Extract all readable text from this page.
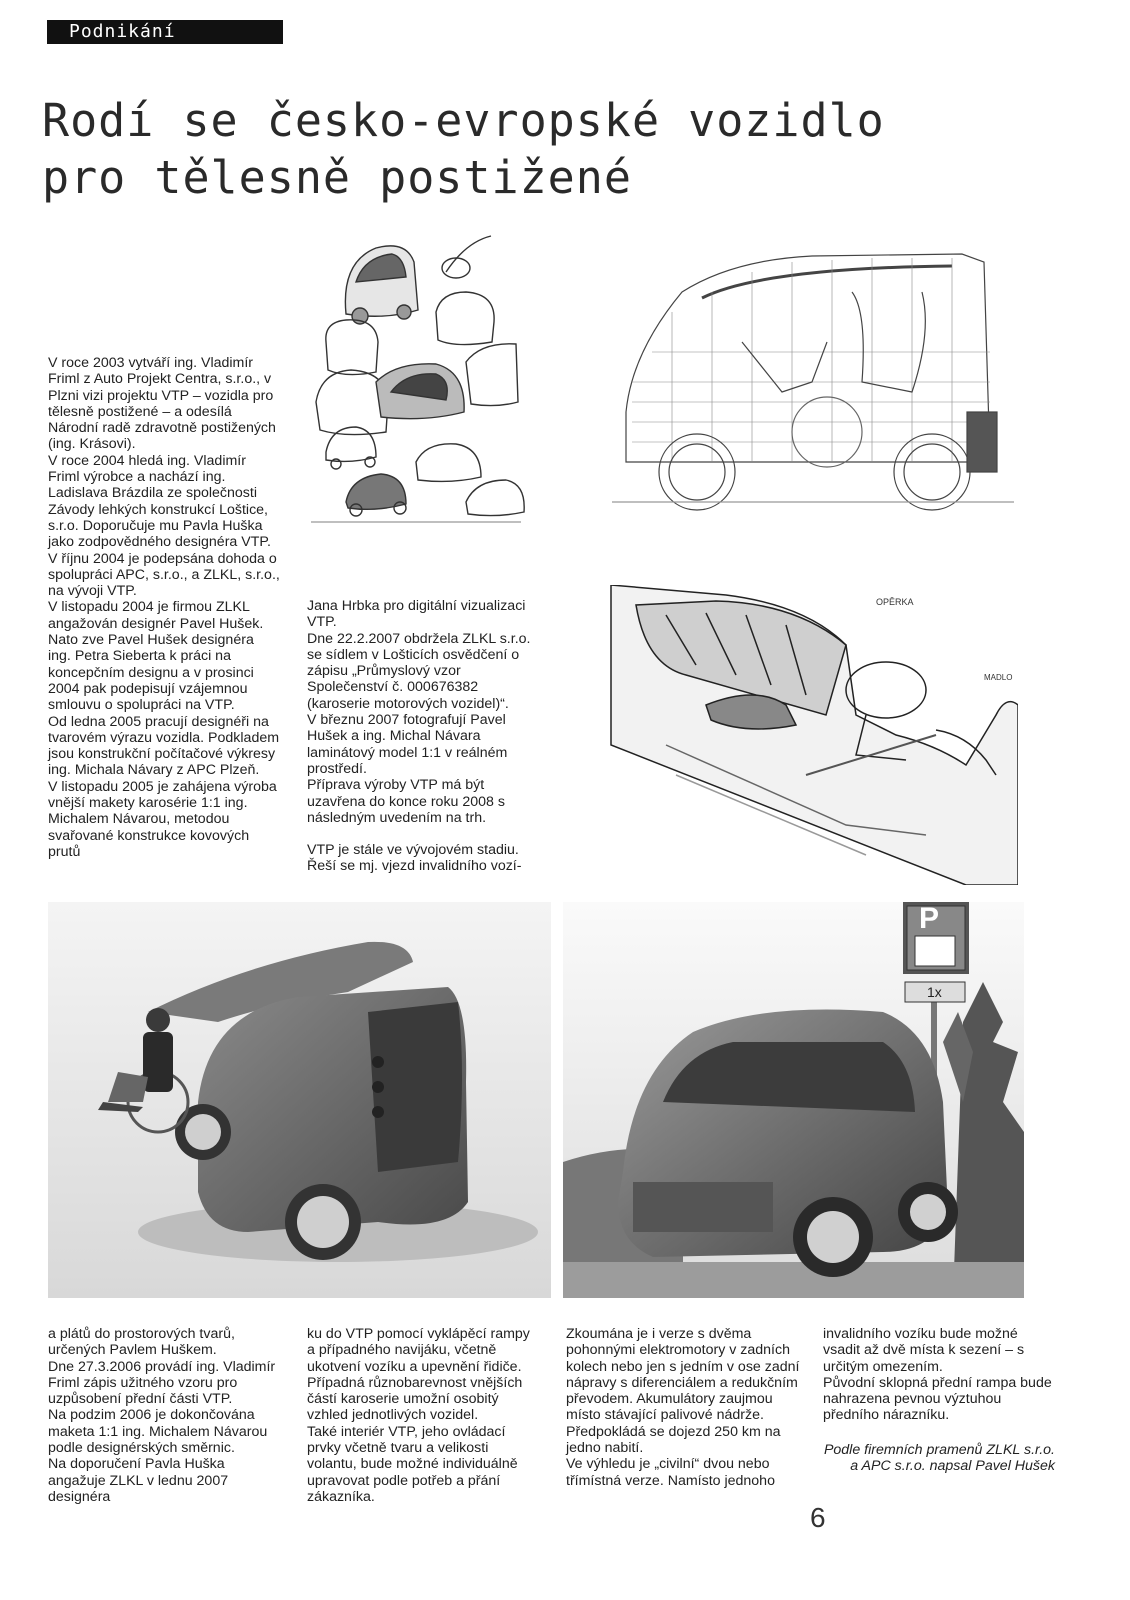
Podnikání
Rodí se česko-evropské vozidlo
pro tělesně postižené
OPĚRKA
MADLO

V roce 2003 vytváří ing. Vladimír Friml z Auto Projekt Centra, s.r.o., v Plzni vizi projektu VTP – vozidla pro tělesně postižené – a odesílá Národní radě zdravotně postižených (ing. Krásovi).

V roce 2004 hledá ing. Vladimír Friml výrobce a nachází ing. Ladislava Brázdila ze společnosti Závody lehkých konstrukcí Loštice, s.r.o. Doporučuje mu Pavla Huška jako zodpovědného designéra VTP.

V říjnu 2004 je podepsána dohoda o spolupráci APC, s.r.o., a ZLKL, s.r.o., na vývoji VTP.

V listopadu 2004 je firmou ZLKL angažován designér Pavel Hušek. Nato zve Pavel Hušek designéra ing. Petra Sieberta k práci na koncepčním designu a v prosinci 2004 pak podepisují vzájemnou smlouvu o spolupráci na VTP.

Od ledna 2005 pracují designéři na tvarovém výrazu vozidla. Podkladem jsou konstrukční počítačové výkresy ing. Michala Návary z APC Plzeň.

V listopadu 2005 je zahájena výroba vnější makety karosérie 1:1 ing. Michalem Návarou, metodou svařované konstrukce kovových prutů

Jana Hrbka pro digitální vizualizaci VTP.

Dne 22.2.2007 obdržela ZLKL s.r.o. se sídlem v Lošticích osvědčení o zápisu „Průmyslový vzor Společenství č. 000676382 (karoserie motorových vozidel)“.

V březnu 2007 fotografují Pavel Hušek a ing. Michal Návara laminátový model 1:1 v reálném prostředí.

Příprava výroby VTP má být uzavřena do konce roku 2008 s následným uvedením na trh.

VTP je stále ve vývojovém stadiu. Řeší se mj. vjezd invalidního vozí-

P
1x

a plátů do prostorových tvarů, určených Pavlem Huškem.

Dne 27.3.2006 provádí ing. Vladimír Friml zápis užitného vzoru pro uzpůsobení přední části VTP.

Na podzim 2006 je dokončována maketa 1:1 ing. Michalem Návarou podle designérských směrnic.

Na doporučení Pavla Huška angažuje ZLKL v lednu 2007 designéra

ku do VTP pomocí vyklápěcí rampy a případného navijáku, včetně ukotvení vozíku a upevnění řidiče.

Případná různobarevnost vnějších částí karoserie umožní osobitý vzhled jednotlivých vozidel.

Také interiér VTP, jeho ovládací prvky včetně tvaru a velikosti volantu, bude možné individuálně upravovat podle potřeb a přání zákazníka.

Zkoumána je i verze s dvěma pohonnými elektromotory v zadních kolech nebo jen s jedním v ose zadní nápravy s diferenciálem a redukčním převodem. Akumulátory zaujmou místo stávající palivové nádrže. Předpokládá se dojezd 250 km na jedno nabití.

Ve výhledu je „civilní“ dvou nebo třímístná verze. Namísto jednoho

invalidního vozíku bude možné vsadit až dvě místa k sezení – s určitým omezením.

Původní sklopná přední rampa bude nahrazena pevnou výztuhou předního nárazníku.

Podle firemních pramenů ZLKL s.r.o. a APC s.r.o. napsal Pavel Hušek

6
